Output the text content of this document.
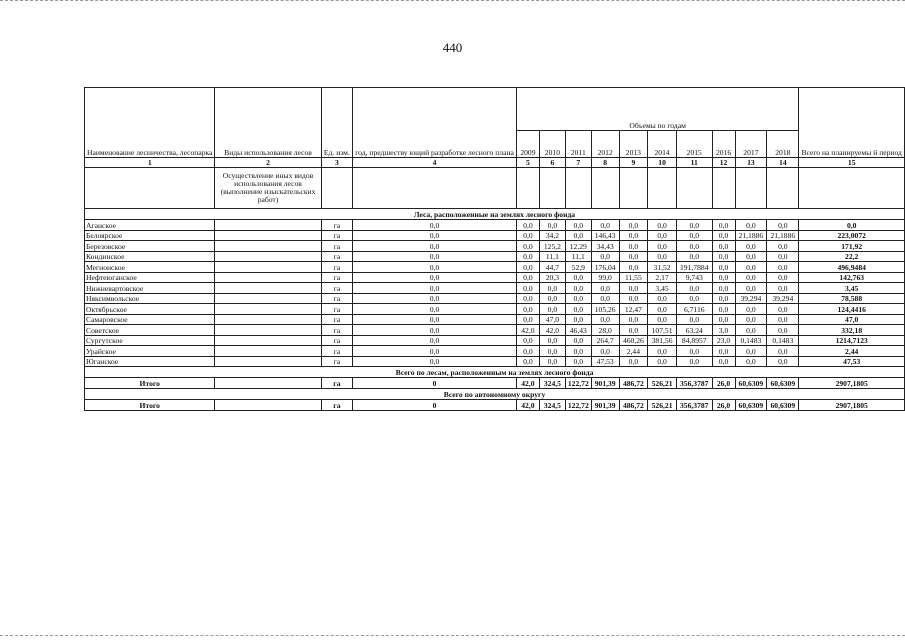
440
Наименование лесничества, лесопарка	Виды использования лесов	Ед. изм.	год, предшеству ющий разработке лесного плана	Объемы по годам										Всего на планируемы й период
				2009	2010	2011	2012	2013	2014	2015	2016	2017	2018	
1	2	3	4	5	6	7	8	9	10	11	12	13	14	15
	Осуществление иных видов использования лесов (выполнение изыскательских работ)													
Леса, расположенные на землях лесного фонда														
Аганское		га	0,0	0,0	0,0	0,0	0,0	0,0	0,0	0,0	0,0	0,0	0,0	0,0
Белоярское		га	0,0	0,0	34,2	0,0	146,43	0,0	0,0	0,0	0,0	21,1886	21,1886	223,0072
Березовское		га	0,0	0,0	125,2	12,29	34,43	0,0	0,0	0,0	0,0	0,0	0,0	171,92
Кондинское		га	0,0	0,0	11,1	11,1	0,0	0,0	0,0	0,0	0,0	0,0	0,0	22,2
Мегионское		га	0,0	0,0	44,7	52,9	176,04	0,0	31,52	191,7884	0,0	0,0	0,0	496,9484
Нефтеюганское		га	0,0	0,0	20,3	0,0	99,0	11,55	2,17	9,743	0,0	0,0	0,0	142,763
Нижневартовское		га	0,0	0,0	0,0	0,0	0,0	0,0	3,45	0,0	0,0	0,0	0,0	3,45
Няксимвольское		га	0,0	0,0	0,0	0,0	0,0	0,0	0,0	0,0	0,0	39,294	39,294	78,588
Октябрьское		га	0,0	0,0	0,0	0,0	105,26	12,47	0,0	6,7116	0,0	0,0	0,0	124,4416
Самаровское		га	0,0	0,0	47,0	0,0	0,0	0,0	0,0	0,0	0,0	0,0	0,0	47,0
Советское		га	0,0	42,0	42,0	46,43	28,0	0,0	107,51	63,24	3,0	0,0	0,0	332,18
Сургутское		га	0,0	0,0	0,0	0,0	264,7	460,26	381,56	84,8957	23,0	0,1483	0,1483	1214,7123
Урайское		га	0,0	0,0	0,0	0,0	0,0	2,44	0,0	0,0	0,0	0,0	0,0	2,44
Юганское		га	0,0	0,0	0,0	0,0	47,53	0,0	0,0	0,0	0,0	0,0	0,0	47,53
Всего по лесам, расположенным на землях лесного фонда														
Итого		га	0	42,0	324,5	122,72	901,39	486,72	526,21	356,3787	26,0	60,6309	60,6309	2907,1805
Всего по автономному округу														
Итого		га	0	42,0	324,5	122,72	901,39	486,72	526,21	356,3787	26,0	60,6309	60,6309	2907,1805
